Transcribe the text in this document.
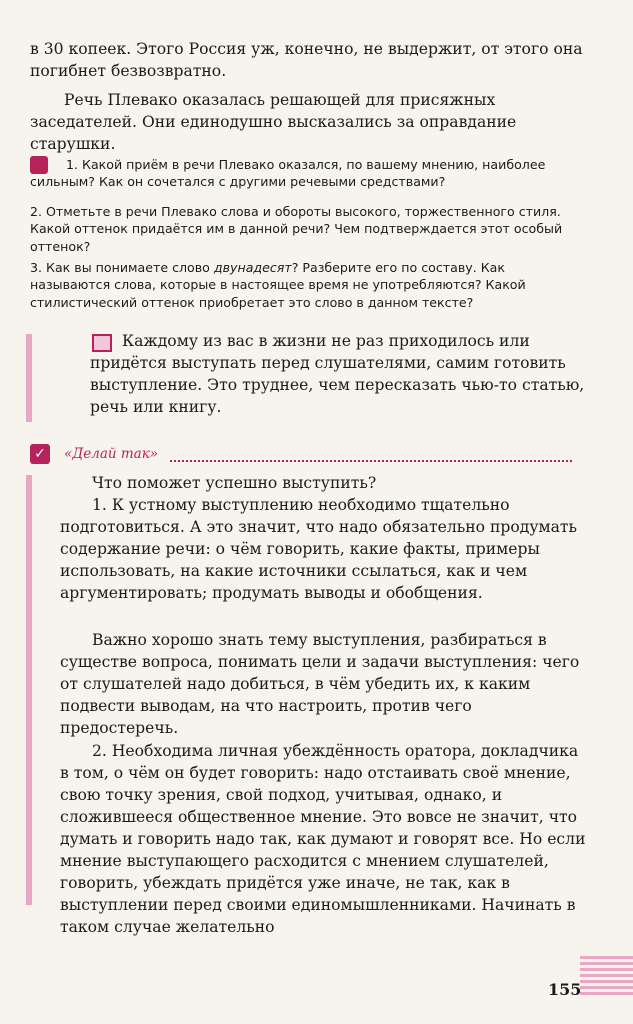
в 30 копеек. Этого Россия уж, конечно, не выдержит, от этого она погибнет безвозвратно.
Речь Плевако оказалась решающей для присяжных заседателей. Они единодушно высказались за оправдание старушки.
1. Какой приём в речи Плевако оказался, по вашему мнению, наиболее сильным? Как он сочетался с другими речевыми средствами?
2. Отметьте в речи Плевако слова и обороты высокого, торжественного стиля. Какой оттенок придаётся им в данной речи? Чем подтверждается этот особый оттенок?
3. Как вы понимаете слово двунадесят? Разберите его по составу. Как называются слова, которые в настоящее время не употребляются? Какой стилистический оттенок приобретает это слово в данном тексте?
Каждому из вас в жизни не раз приходилось или придётся выступать перед слушателями, самим готовить выступление. Это труднее, чем пересказать чью-то статью, речь или книгу.
✓	«Делай так»
Что поможет успешно выступить?
1. К устному выступлению необходимо тщательно подготовиться. А это значит, что надо обязательно продумать содержание речи: о чём говорить, какие факты, примеры использовать, на какие источники ссылаться, как и чем аргументировать; продумать выводы и обобщения.
Важно хорошо знать тему выступления, разбираться в существе вопроса, понимать цели и задачи выступления: чего от слушателей надо добиться, в чём убедить их, к каким подвести выводам, на что настроить, против чего предостеречь.
2. Необходима личная убеждённость оратора, докладчика в том, о чём он будет говорить: надо отстаивать своё мнение, свою точку зрения, свой подход, учитывая, однако, и сложившееся общественное мнение. Это вовсе не значит, что думать и говорить надо так, как думают и говорят все. Но если мнение выступающего расходится с мнением слушателей, говорить, убеждать придётся уже иначе, не так, как в выступлении перед своими единомышленниками. Начинать в таком случае желательно
155
